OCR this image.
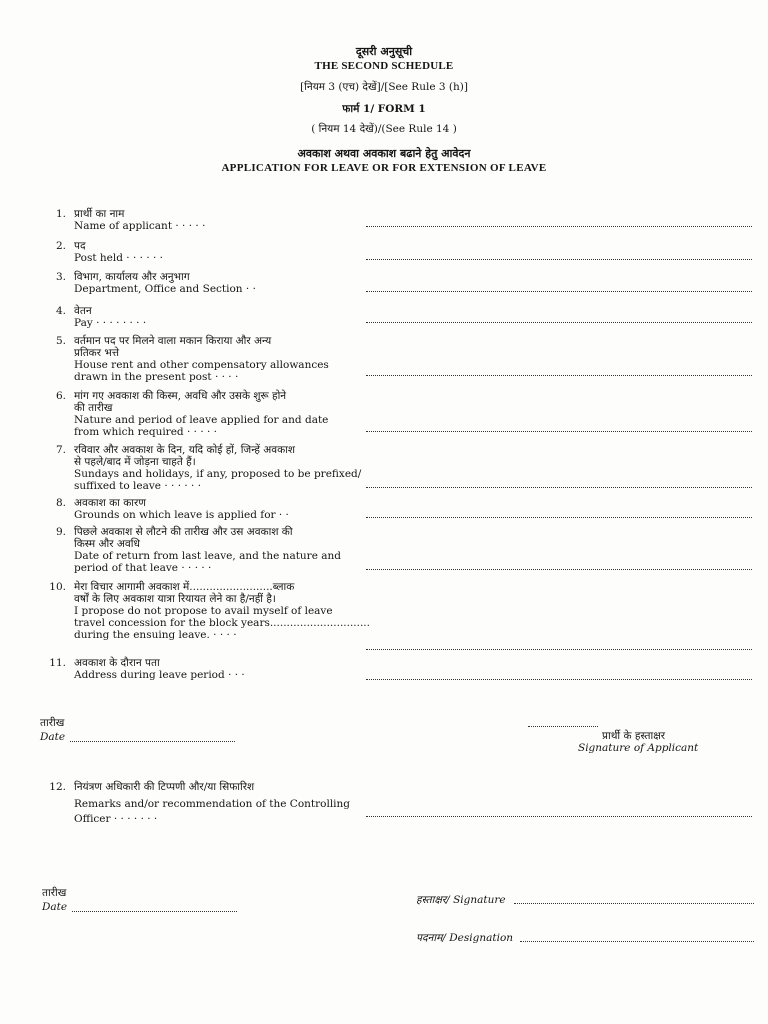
दूसरी अनुसूची
THE SECOND SCHEDULE
[नियम 3 (एच) देखें]/[See Rule 3 (h)]
फार्म 1/ FORM 1
( नियम 14 देखें)/(See Rule 14 )
अवकाश अथवा अवकाश बढाने हेतु आवेदन
APPLICATION FOR LEAVE OR FOR EXTENSION OF LEAVE
1. प्रार्थी का नाम
Name of applicant · · · · ·
2. पद
Post held · · · · · ·
3. विभाग, कार्यालय और अनुभाग
Department, Office and Section · ·
4. वेतन
Pay · · · · · · · ·
5. वर्तमान पद पर मिलने वाला मकान किराया और अन्य
प्रतिकर भत्ते
House rent and other compensatory allowances
drawn in the present post · · · ·
6. मांग गए अवकाश की किस्म, अवधि और उसके शुरू होने
की तारीख
Nature and period of leave applied for and date
from which required · · · · ·
7. रविवार और अवकाश के दिन, यदि कोई हों, जिन्हें अवकाश
से पहले/बाद में जोड़ना चाहते हैं।
Sundays and holidays, if any, proposed to be prefixed/
suffixed to leave · · · · · ·
8. अवकाश का कारण
Grounds on which leave is applied for · ·
9. पिछले अवकाश से लौटने की तारीख और उस अवकाश की
किस्म और अवधि
Date of return from last leave, and the nature and
period of that leave · · · · ·
10. मेरा विचार आगामी अवकाश में.........................ब्लाक
वर्षों के लिए अवकाश यात्रा रियायत लेने का है/नहीं है।
I propose do not propose to avail myself of leave
travel concession for the block years..............................
during the ensuing leave. · · · ·
11. अवकाश के दौरान पता
Address during leave period · · ·
तारीख
Date	प्रार्थी के हस्ताक्षर
Signature of Applicant
12. नियंत्रण अधिकारी की टिप्पणी और/या सिफारिश
Remarks and/or recommendation of the Controlling
Officer · · · · · · ·
तारीख
Date
हस्ताक्षर/ Signature
पदनाम/ Designation
